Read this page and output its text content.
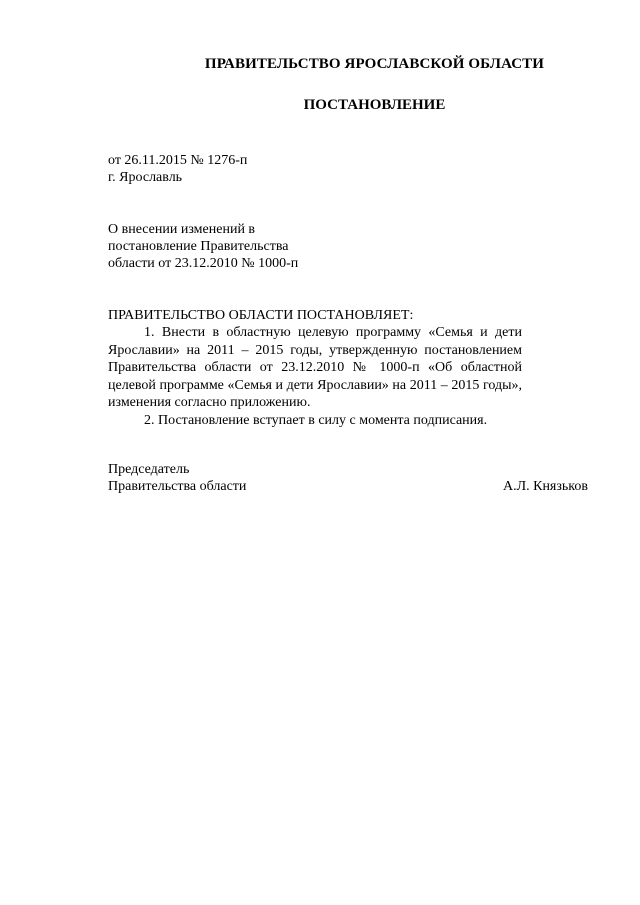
ПРАВИТЕЛЬСТВО ЯРОСЛАВСКОЙ ОБЛАСТИ
ПОСТАНОВЛЕНИЕ
от 26.11.2015 № 1276-п
г. Ярославль
О внесении изменений в
постановление Правительства
области от 23.12.2010 № 1000-п
ПРАВИТЕЛЬСТВО ОБЛАСТИ ПОСТАНОВЛЯЕТ:

1. Внести в областную целевую программу «Семья и дети Ярославии» на 2011 – 2015 годы, утвержденную постановлением Правительства области от 23.12.2010 № 1000-п «Об областной целевой программе «Семья и дети Ярославии» на 2011 – 2015 годы», изменения согласно приложению.

2. Постановление вступает в силу с момента подписания.

Председатель
Правительства области	А.Л. Князьков
